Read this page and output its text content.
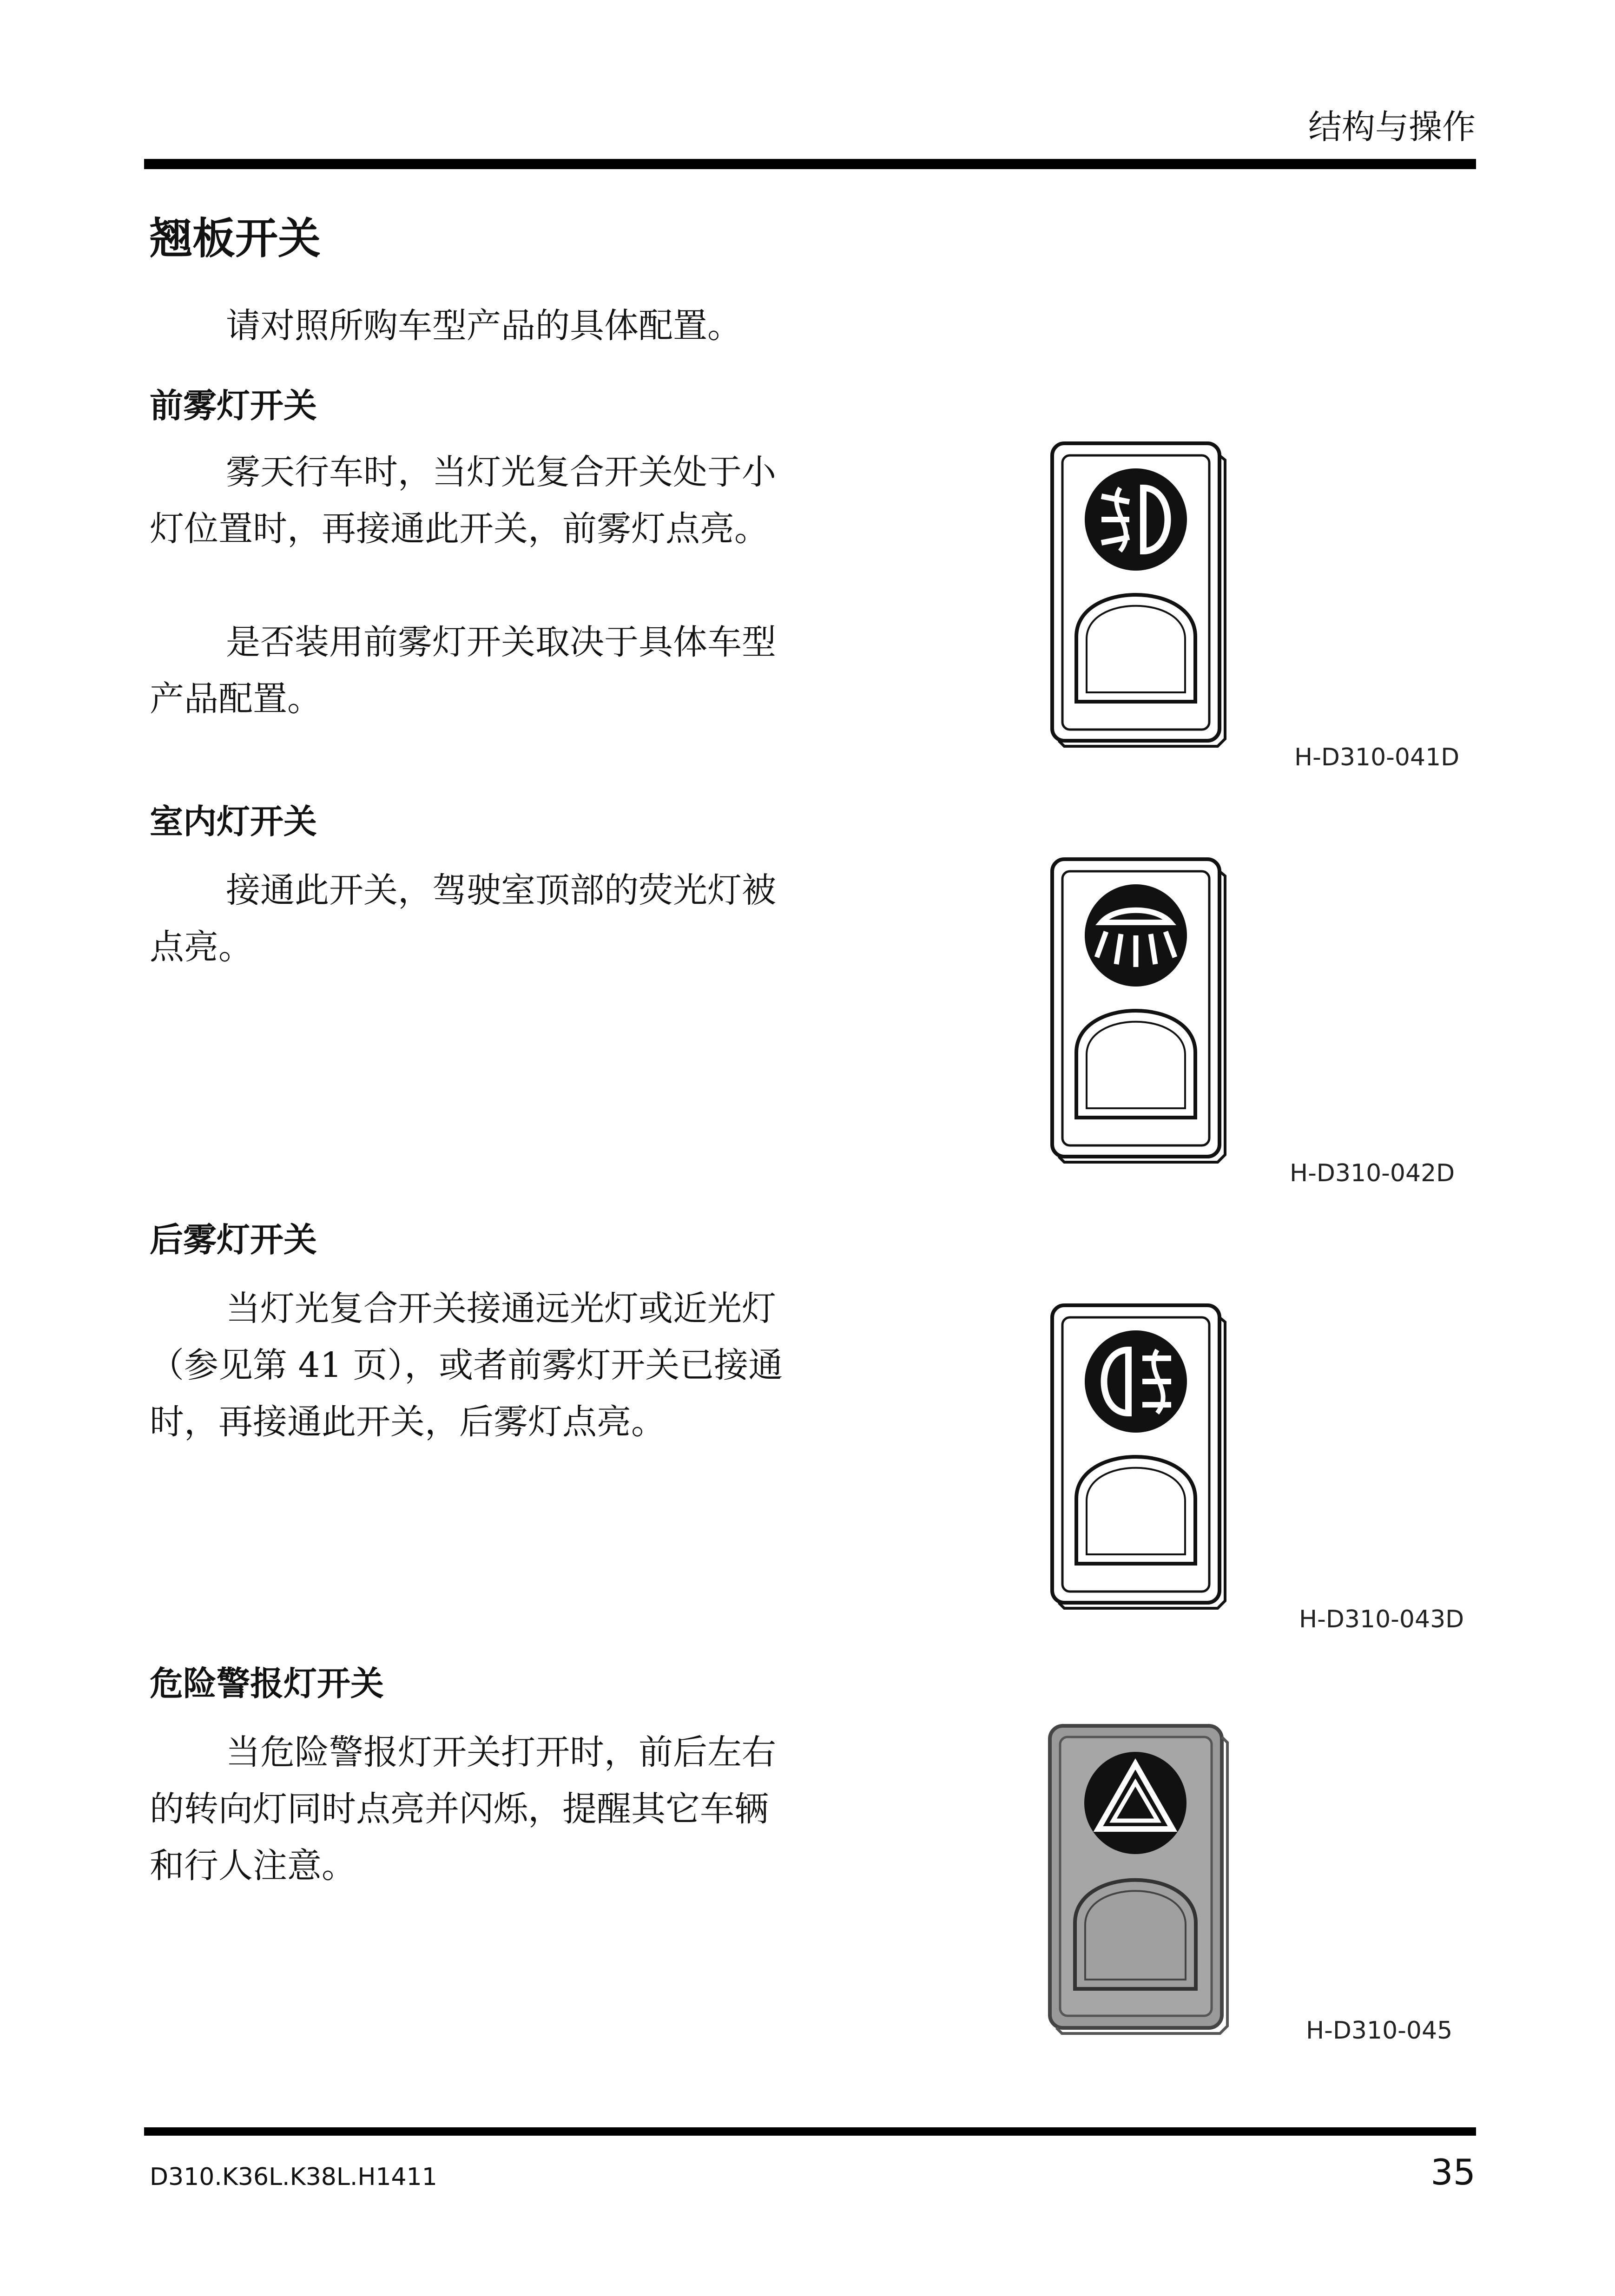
结构与操作
翘板开关

请对照所购车型产品的具体配置。

前雾灯开关

雾天行车时，当灯光复合开关处于小灯位置时，再接通此开关，前雾灯点亮。

是否装用前雾灯开关取决于具体车型产品配置。

H-D310-041D
室内灯开关

接通此开关，驾驶室顶部的荧光灯被点亮。

H-D310-042D
后雾灯开关

当灯光复合开关接通远光灯或近光灯（参见第 41 页），或者前雾灯开关已接通时，再接通此开关，后雾灯点亮。

H-D310-043D
危险警报灯开关

当危险警报灯开关打开时，前后左右的转向灯同时点亮并闪烁，提醒其它车辆和行人注意。

H-D310-045
D310.K36L.K38L.H1411	35
